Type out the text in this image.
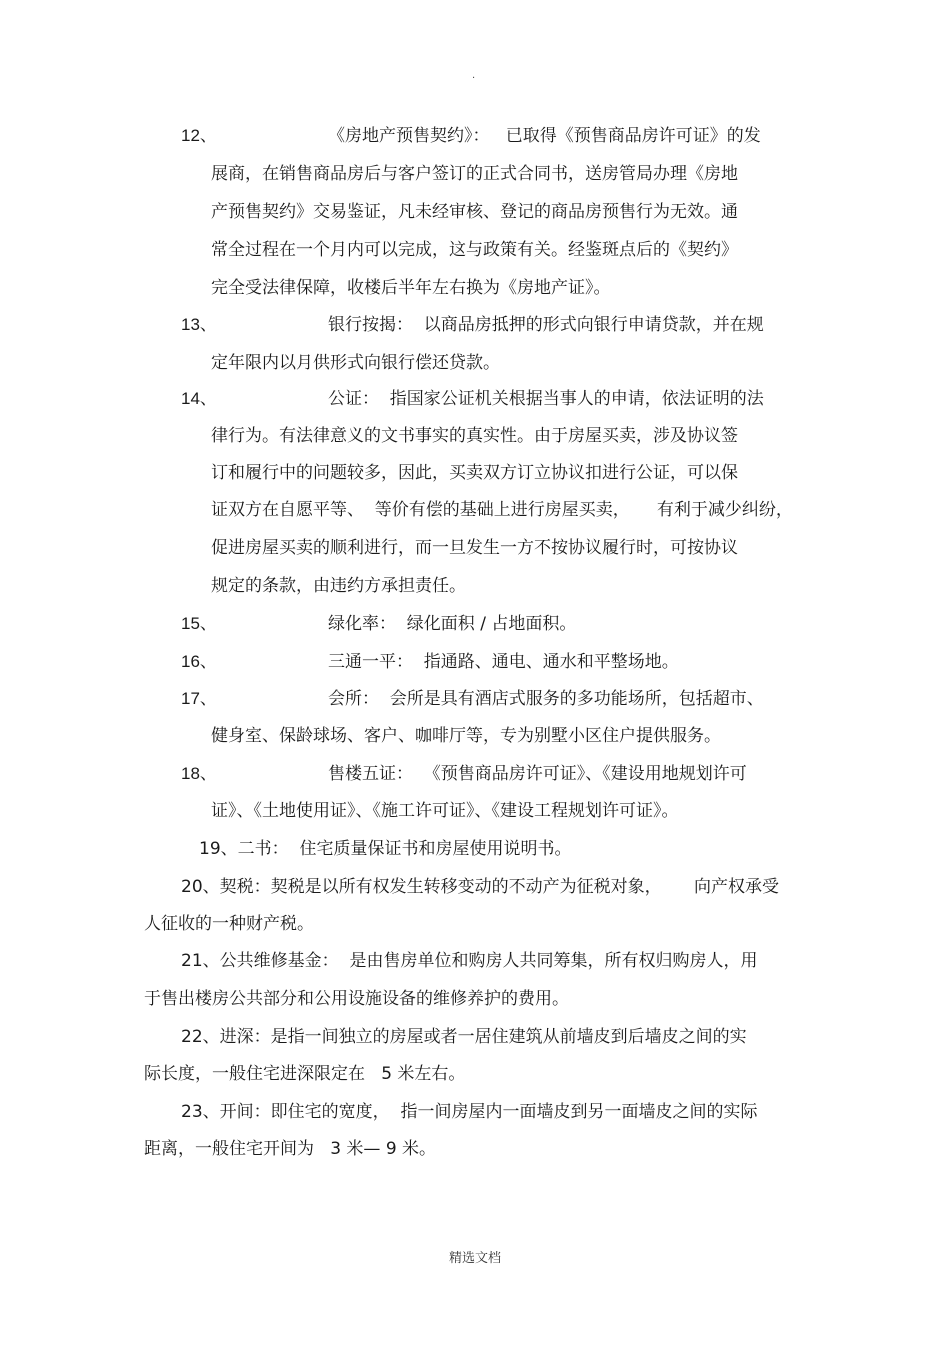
.
12、	《房地产预售契约》：   已取得《预售商品房许可证》的发
展商，在销售商品房后与客户签订的正式合同书，送房管局办理《房地
产预售契约》交易鉴证，凡未经审核、登记的商品房预售行为无效。通
常全过程在一个月内可以完成，这与政策有关。经鉴斑点后的《契约》
完全受法律保障，收楼后半年左右换为《房地产证》。
13、	银行按揭：  以商品房抵押的形式向银行申请贷款，并在规
定年限内以月供形式向银行偿还贷款。
14、	公证：  指国家公证机关根据当事人的申请，依法证明的法
律行为。有法律意义的文书事实的真实性。由于房屋买卖，涉及协议签
订和履行中的问题较多，因此，买卖双方订立协议扣进行公证，可以保
证双方在自愿平等、  等价有偿的基础上进行房屋买卖，     有利于减少纠纷，
促进房屋买卖的顺利进行，而一旦发生一方不按协议履行时，可按协议
规定的条款，由违约方承担责任。
15、	绿化率：  绿化面积 / 占地面积。
16、	三通一平：  指通路、通电、通水和平整场地。
17、	会所：  会所是具有酒店式服务的多功能场所，包括超市、
健身室、保龄球场、客户、咖啡厅等，专为别墅小区住户提供服务。
18、	售楼五证：  《预售商品房许可证》、《建设用地规划许可
证》、《土地使用证》、《施工许可证》、《建设工程规划许可证》。
19、二书：  住宅质量保证书和房屋使用说明书。
20、契税：契税是以所有权发生转移变动的不动产为征税对象，      向产权承受
人征收的一种财产税。
21、公共维修基金：  是由售房单位和购房人共同筹集，所有权归购房人，用
于售出楼房公共部分和公用设施设备的维修养护的费用。
22、进深：是指一间独立的房屋或者一居住建筑从前墙皮到后墙皮之间的实
际长度，一般住宅进深限定在   5 米左右。
23、开间：即住宅的宽度，  指一间房屋内一面墙皮到另一面墙皮之间的实际
距离，一般住宅开间为   3 米— 9 米。
精选文档
